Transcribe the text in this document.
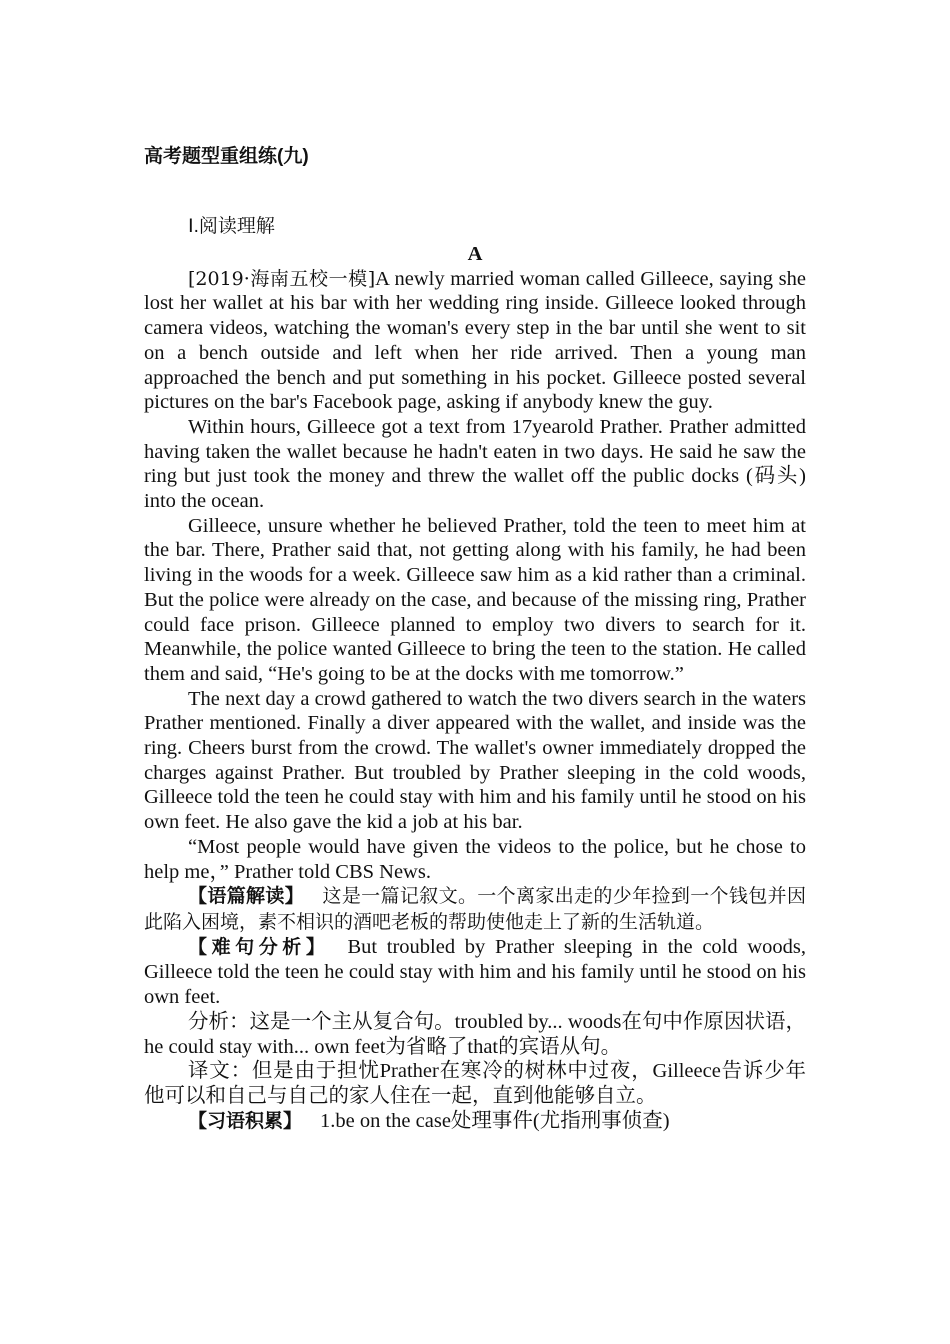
高考题型重组练(九)
Ⅰ.阅读理解
A

[2019·海南五校一模]A newly married woman called Gilleece, saying she lost her wallet at his bar with her wedding ring inside. Gilleece looked through camera videos, watching the woman's every step in the bar until she went to sit on a bench outside and left when her ride arrived. Then a young man approached the bench and put something in his pocket. Gilleece posted several pictures on the bar's Facebook page, asking if anybody knew the guy.

Within hours, Gilleece got a text from 17yearold Prather. Prather admitted having taken the wallet because he hadn't eaten in two days. He said he saw the ring but just took the money and threw the wallet off the public docks (码头) into the ocean.

Gilleece, unsure whether he believed Prather, told the teen to meet him at the bar. There, Prather said that, not getting along with his family, he had been living in the woods for a week. Gilleece saw him as a kid rather than a criminal. But the police were already on the case, and because of the missing ring, Prather could face prison. Gilleece planned to employ two divers to search for it. Meanwhile, the police wanted Gilleece to bring the teen to the station. He called them and said, “He's going to be at the docks with me tomorrow.”

The next day a crowd gathered to watch the two divers search in the waters Prather mentioned. Finally a diver appeared with the wallet, and inside was the ring. Cheers burst from the crowd. The wallet's owner immediately dropped the charges against Prather. But troubled by Prather sleeping in the cold woods, Gilleece told the teen he could stay with him and his family until he stood on his own feet. He also gave the kid a job at his bar.

“Most people would have given the videos to the police, but he chose to help me，” Prather told CBS News.

【语篇解读】 这是一篇记叙文。一个离家出走的少年捡到一个钱包并因此陷入困境，素不相识的酒吧老板的帮助使他走上了新的生活轨道。

【难句分析】 But troubled by Prather sleeping in the cold woods, Gilleece told the teen he could stay with him and his family until he stood on his own feet.

分析：这是一个主从复合句。troubled by... woods在句中作原因状语，he could stay with... own feet为省略了that的宾语从句。

译文：但是由于担忧Prather在寒冷的树林中过夜，Gilleece告诉少年他可以和自己与自己的家人住在一起，直到他能够自立。

【习语积累】 1.be on the case处理事件(尤指刑事侦查)
